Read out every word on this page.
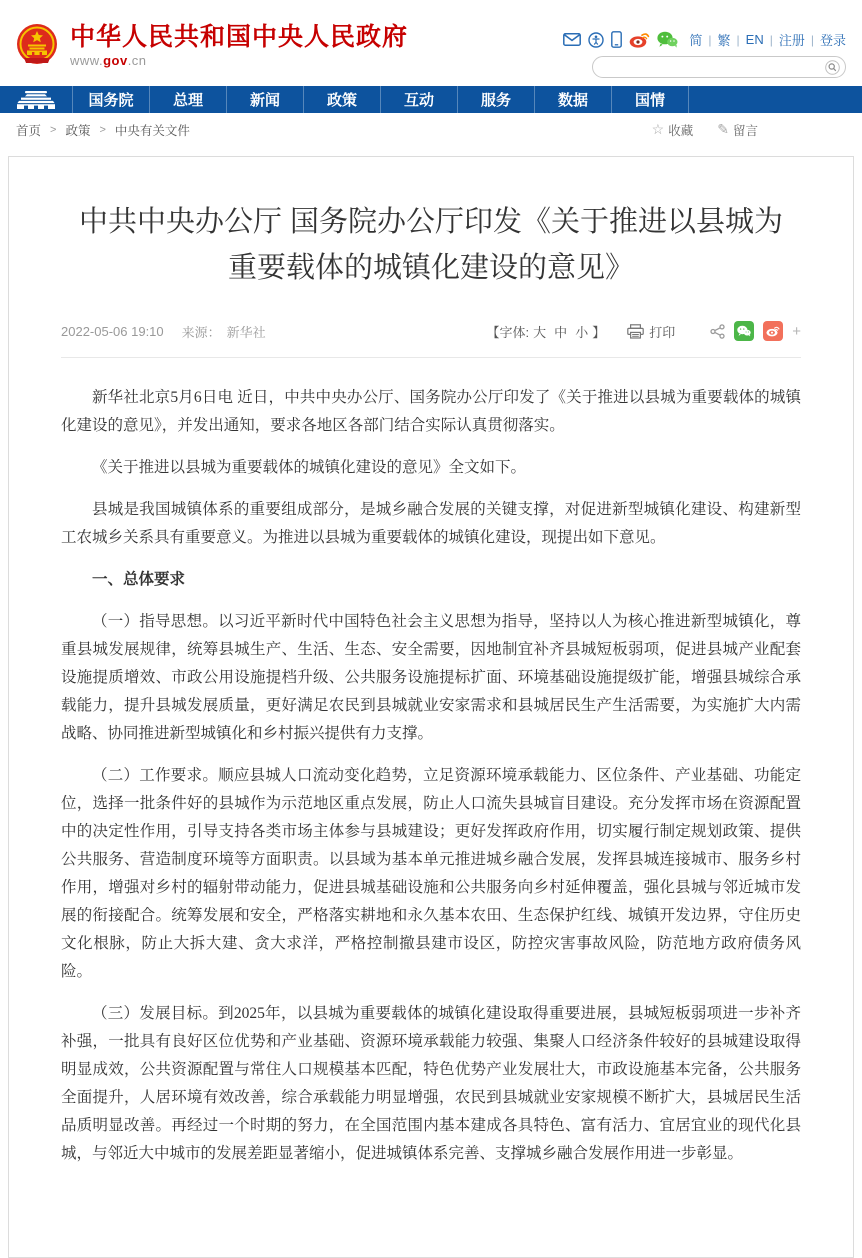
中华人民共和国中央人民政府
www.gov.cn
简 | 繁 | EN | 注册 | 登录
国务院	总理	新闻	政策	互动	服务	数据	国情
首页 > 政策 > 中央有关文件	☆ 收藏 ✎ 留言
中共中央办公厅 国务院办公厅印发《关于推进以县城为重要载体的城镇化建设的意见》
2022-05-06 19:10 来源： 新华社	【字体: 大 中 小 】	打印	+

新华社北京5月6日电 近日，中共中央办公厅、国务院办公厅印发了《关于推进以县城为重要载体的城镇化建设的意见》，并发出通知，要求各地区各部门结合实际认真贯彻落实。

《关于推进以县城为重要载体的城镇化建设的意见》全文如下。

县城是我国城镇体系的重要组成部分，是城乡融合发展的关键支撑，对促进新型城镇化建设、构建新型工农城乡关系具有重要意义。为推进以县城为重要载体的城镇化建设，现提出如下意见。

一、总体要求

（一）指导思想。以习近平新时代中国特色社会主义思想为指导，坚持以人为核心推进新型城镇化，尊重县城发展规律，统筹县城生产、生活、生态、安全需要，因地制宜补齐县城短板弱项，促进县城产业配套设施提质增效、市政公用设施提档升级、公共服务设施提标扩面、环境基础设施提级扩能，增强县城综合承载能力，提升县城发展质量，更好满足农民到县城就业安家需求和县城居民生产生活需要，为实施扩大内需战略、协同推进新型城镇化和乡村振兴提供有力支撑。

（二）工作要求。顺应县城人口流动变化趋势，立足资源环境承载能力、区位条件、产业基础、功能定位，选择一批条件好的县城作为示范地区重点发展，防止人口流失县城盲目建设。充分发挥市场在资源配置中的决定性作用，引导支持各类市场主体参与县城建设；更好发挥政府作用，切实履行制定规划政策、提供公共服务、营造制度环境等方面职责。以县域为基本单元推进城乡融合发展，发挥县城连接城市、服务乡村作用，增强对乡村的辐射带动能力，促进县城基础设施和公共服务向乡村延伸覆盖，强化县城与邻近城市发展的衔接配合。统筹发展和安全，严格落实耕地和永久基本农田、生态保护红线、城镇开发边界，守住历史文化根脉，防止大拆大建、贪大求洋，严格控制撤县建市设区，防控灾害事故风险，防范地方政府债务风险。

（三）发展目标。到2025年，以县城为重要载体的城镇化建设取得重要进展，县城短板弱项进一步补齐补强，一批具有良好区位优势和产业基础、资源环境承载能力较强、集聚人口经济条件较好的县城建设取得明显成效，公共资源配置与常住人口规模基本匹配，特色优势产业发展壮大，市政设施基本完备，公共服务全面提升，人居环境有效改善，综合承载能力明显增强，农民到县城就业安家规模不断扩大，县城居民生活品质明显改善。再经过一个时期的努力，在全国范围内基本建成各具特色、富有活力、宜居宜业的现代化县城，与邻近大中城市的发展差距显著缩小，促进城镇体系完善、支撑城乡融合发展作用进一步彰显。
